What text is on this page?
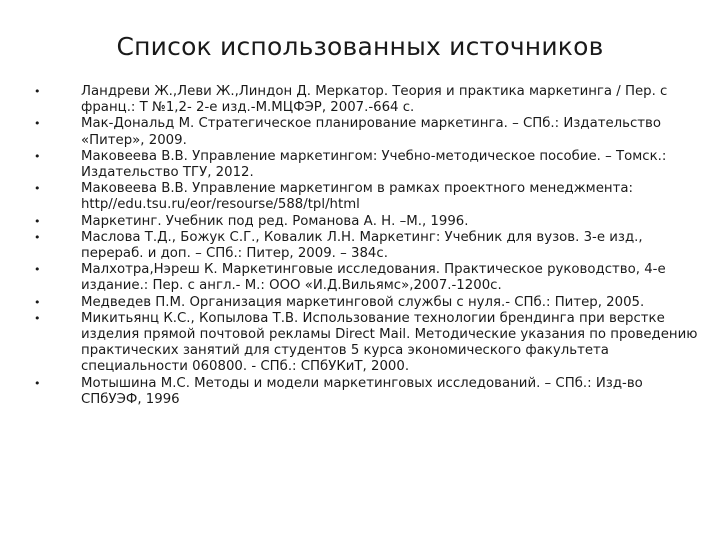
Список использованных источников
•	Ландреви Ж.,Леви Ж.,Линдон Д. Меркатор. Теория и практика маркетинга / Пер. с франц.: Т №1,2- 2-е изд.-М.МЦФЭР, 2007.-664 с.
•	Мак-Дональд М. Стратегическое планирование маркетинга. – СПб.: Издательство «Питер», 2009.
•	Маковеева В.В. Управление маркетингом: Учебно-методическое пособие. – Томск.: Издательство ТГУ, 2012.
•	Маковеева В.В. Управление маркетингом в рамках проектного менеджмента: http//edu.tsu.ru/eor/resourse/588/tpl/html
•	Маркетинг. Учебник под ред. Романова А. Н. –М., 1996.
•	Маслова Т.Д., Божук С.Г., Ковалик Л.Н. Маркетинг: Учебник для вузов. 3-е изд., перераб. и доп. – СПб.: Питер, 2009. – 384с.
•	Малхотра,Нэреш К. Маркетинговые исследования. Практическое руководство, 4-е издание.: Пер. с англ.- М.: ООО «И.Д.Вильямс»,2007.-1200с.
•	Медведев П.М. Организация маркетинговой службы с нуля.- СПб.: Питер, 2005.
•	Микитьянц К.С., Копылова Т.В. Использование технологии брендинга при верстке изделия прямой почтовой рекламы Direct Mail. Методические указания по проведению практических занятий для студентов 5 курса экономического факультета специальности 060800. - СПб.: СПбУКиТ, 2000.
•	Мотышина М.С. Методы и модели маркетинговых исследований. – СПб.: Изд-во СПбУЭФ, 1996
